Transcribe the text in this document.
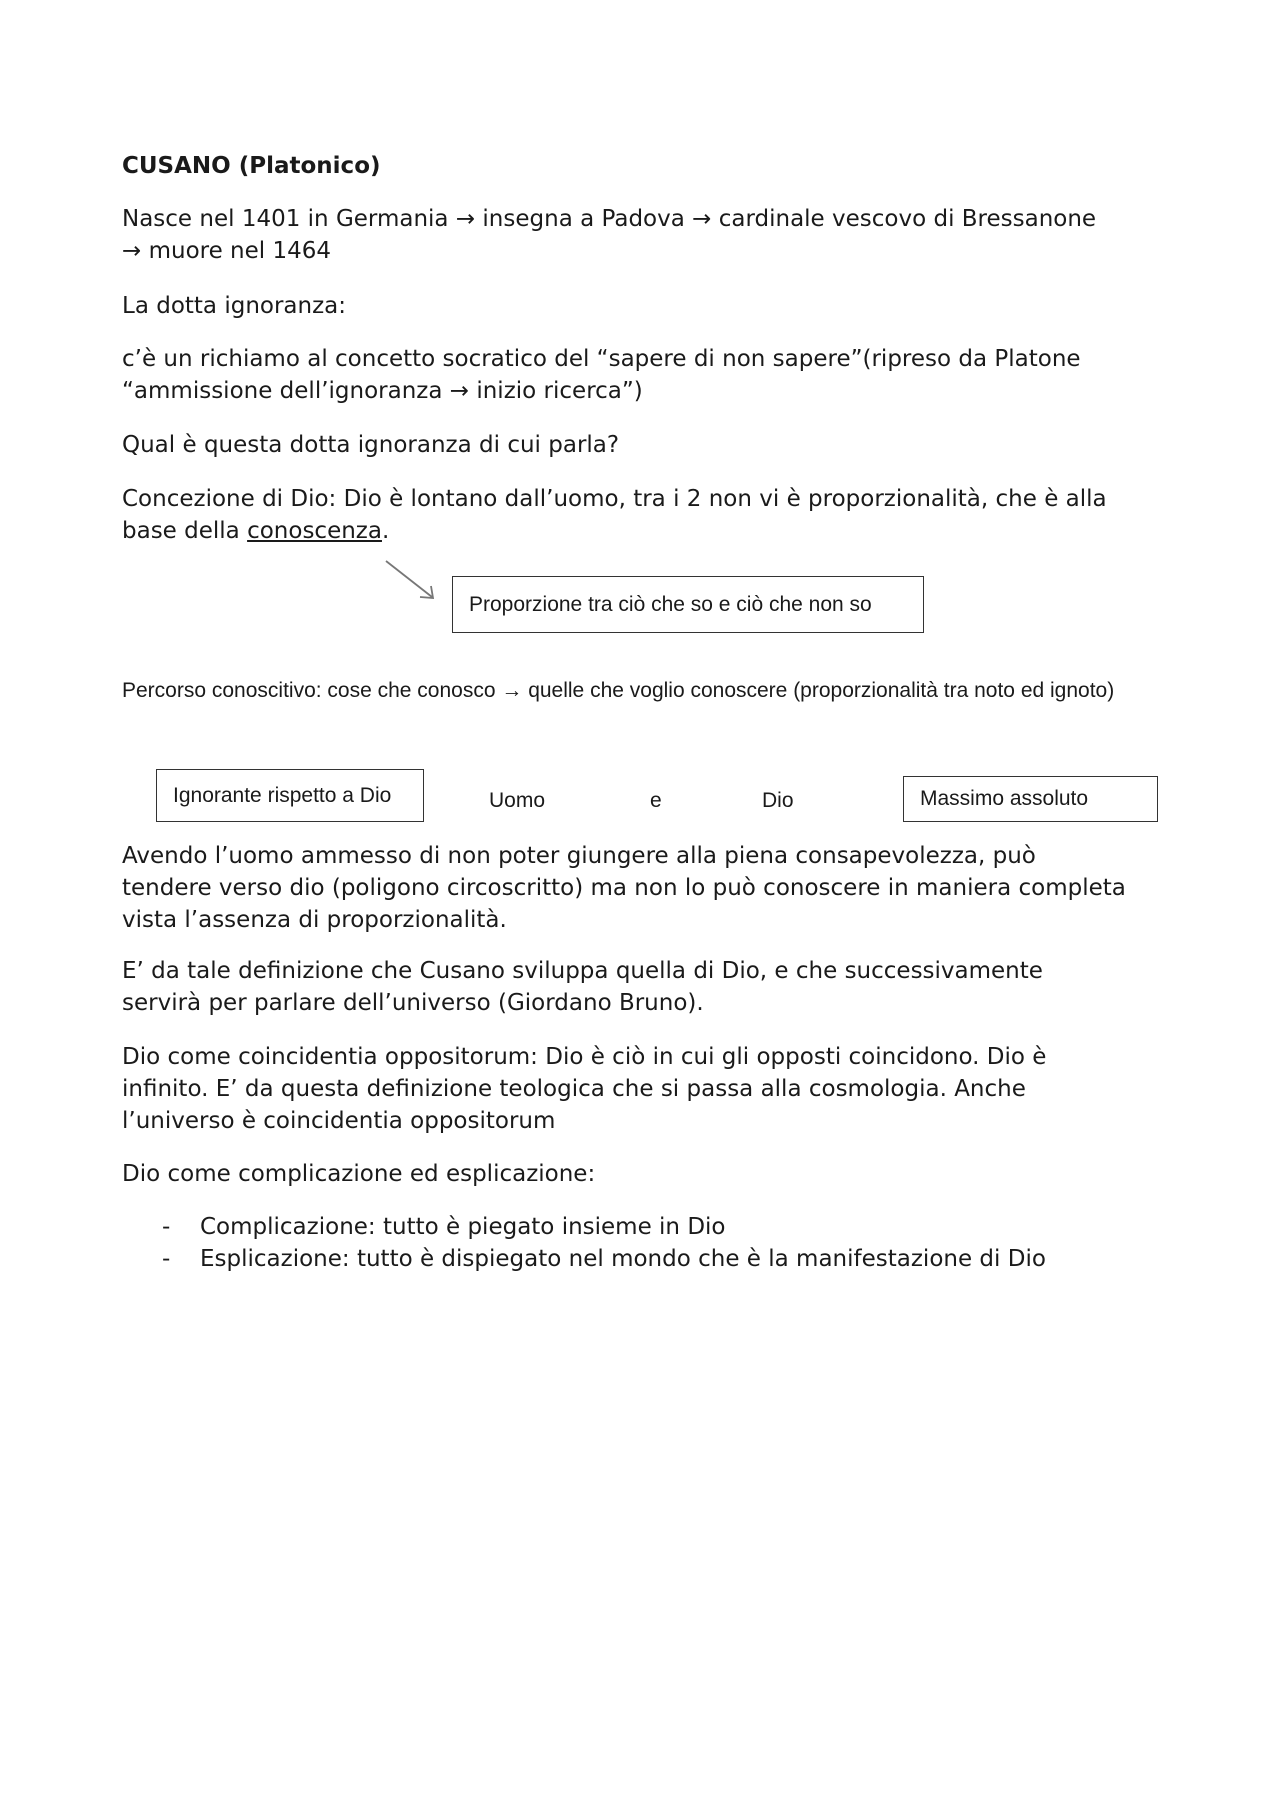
CUSANO (Platonico)
Nasce nel 1401 in Germania → insegna a Padova → cardinale vescovo di Bressanone
→ muore nel 1464
La dotta ignoranza:
c’è un richiamo al concetto socratico del “sapere di non sapere”(ripreso da Platone
“ammissione dell’ignoranza → inizio ricerca”)
Qual è questa dotta ignoranza di cui parla?
Concezione di Dio: Dio è lontano dall’uomo, tra i 2 non vi è proporzionalità, che è alla
base della conoscenza.
Proporzione tra ciò che so e ciò che non so
Percorso conoscitivo: cose che conosco → quelle che voglio conoscere (proporzionalità tra noto ed ignoto)
Ignorante rispetto a Dio	Uomo	e	Dio	Massimo assoluto
Avendo l’uomo ammesso di non poter giungere alla piena consapevolezza, può
tendere verso dio (poligono circoscritto) ma non lo può conoscere in maniera completa
vista l’assenza di proporzionalità.
E’ da tale definizione che Cusano sviluppa quella di Dio, e che successivamente
servirà per parlare dell’universo (Giordano Bruno).
Dio come coincidentia oppositorum: Dio è ciò in cui gli opposti coincidono. Dio è
infinito. E’ da questa definizione teologica che si passa alla cosmologia. Anche
l’universo è coincidentia oppositorum
Dio come complicazione ed esplicazione:
- Complicazione: tutto è piegato insieme in Dio
- Esplicazione: tutto è dispiegato nel mondo che è la manifestazione di Dio
